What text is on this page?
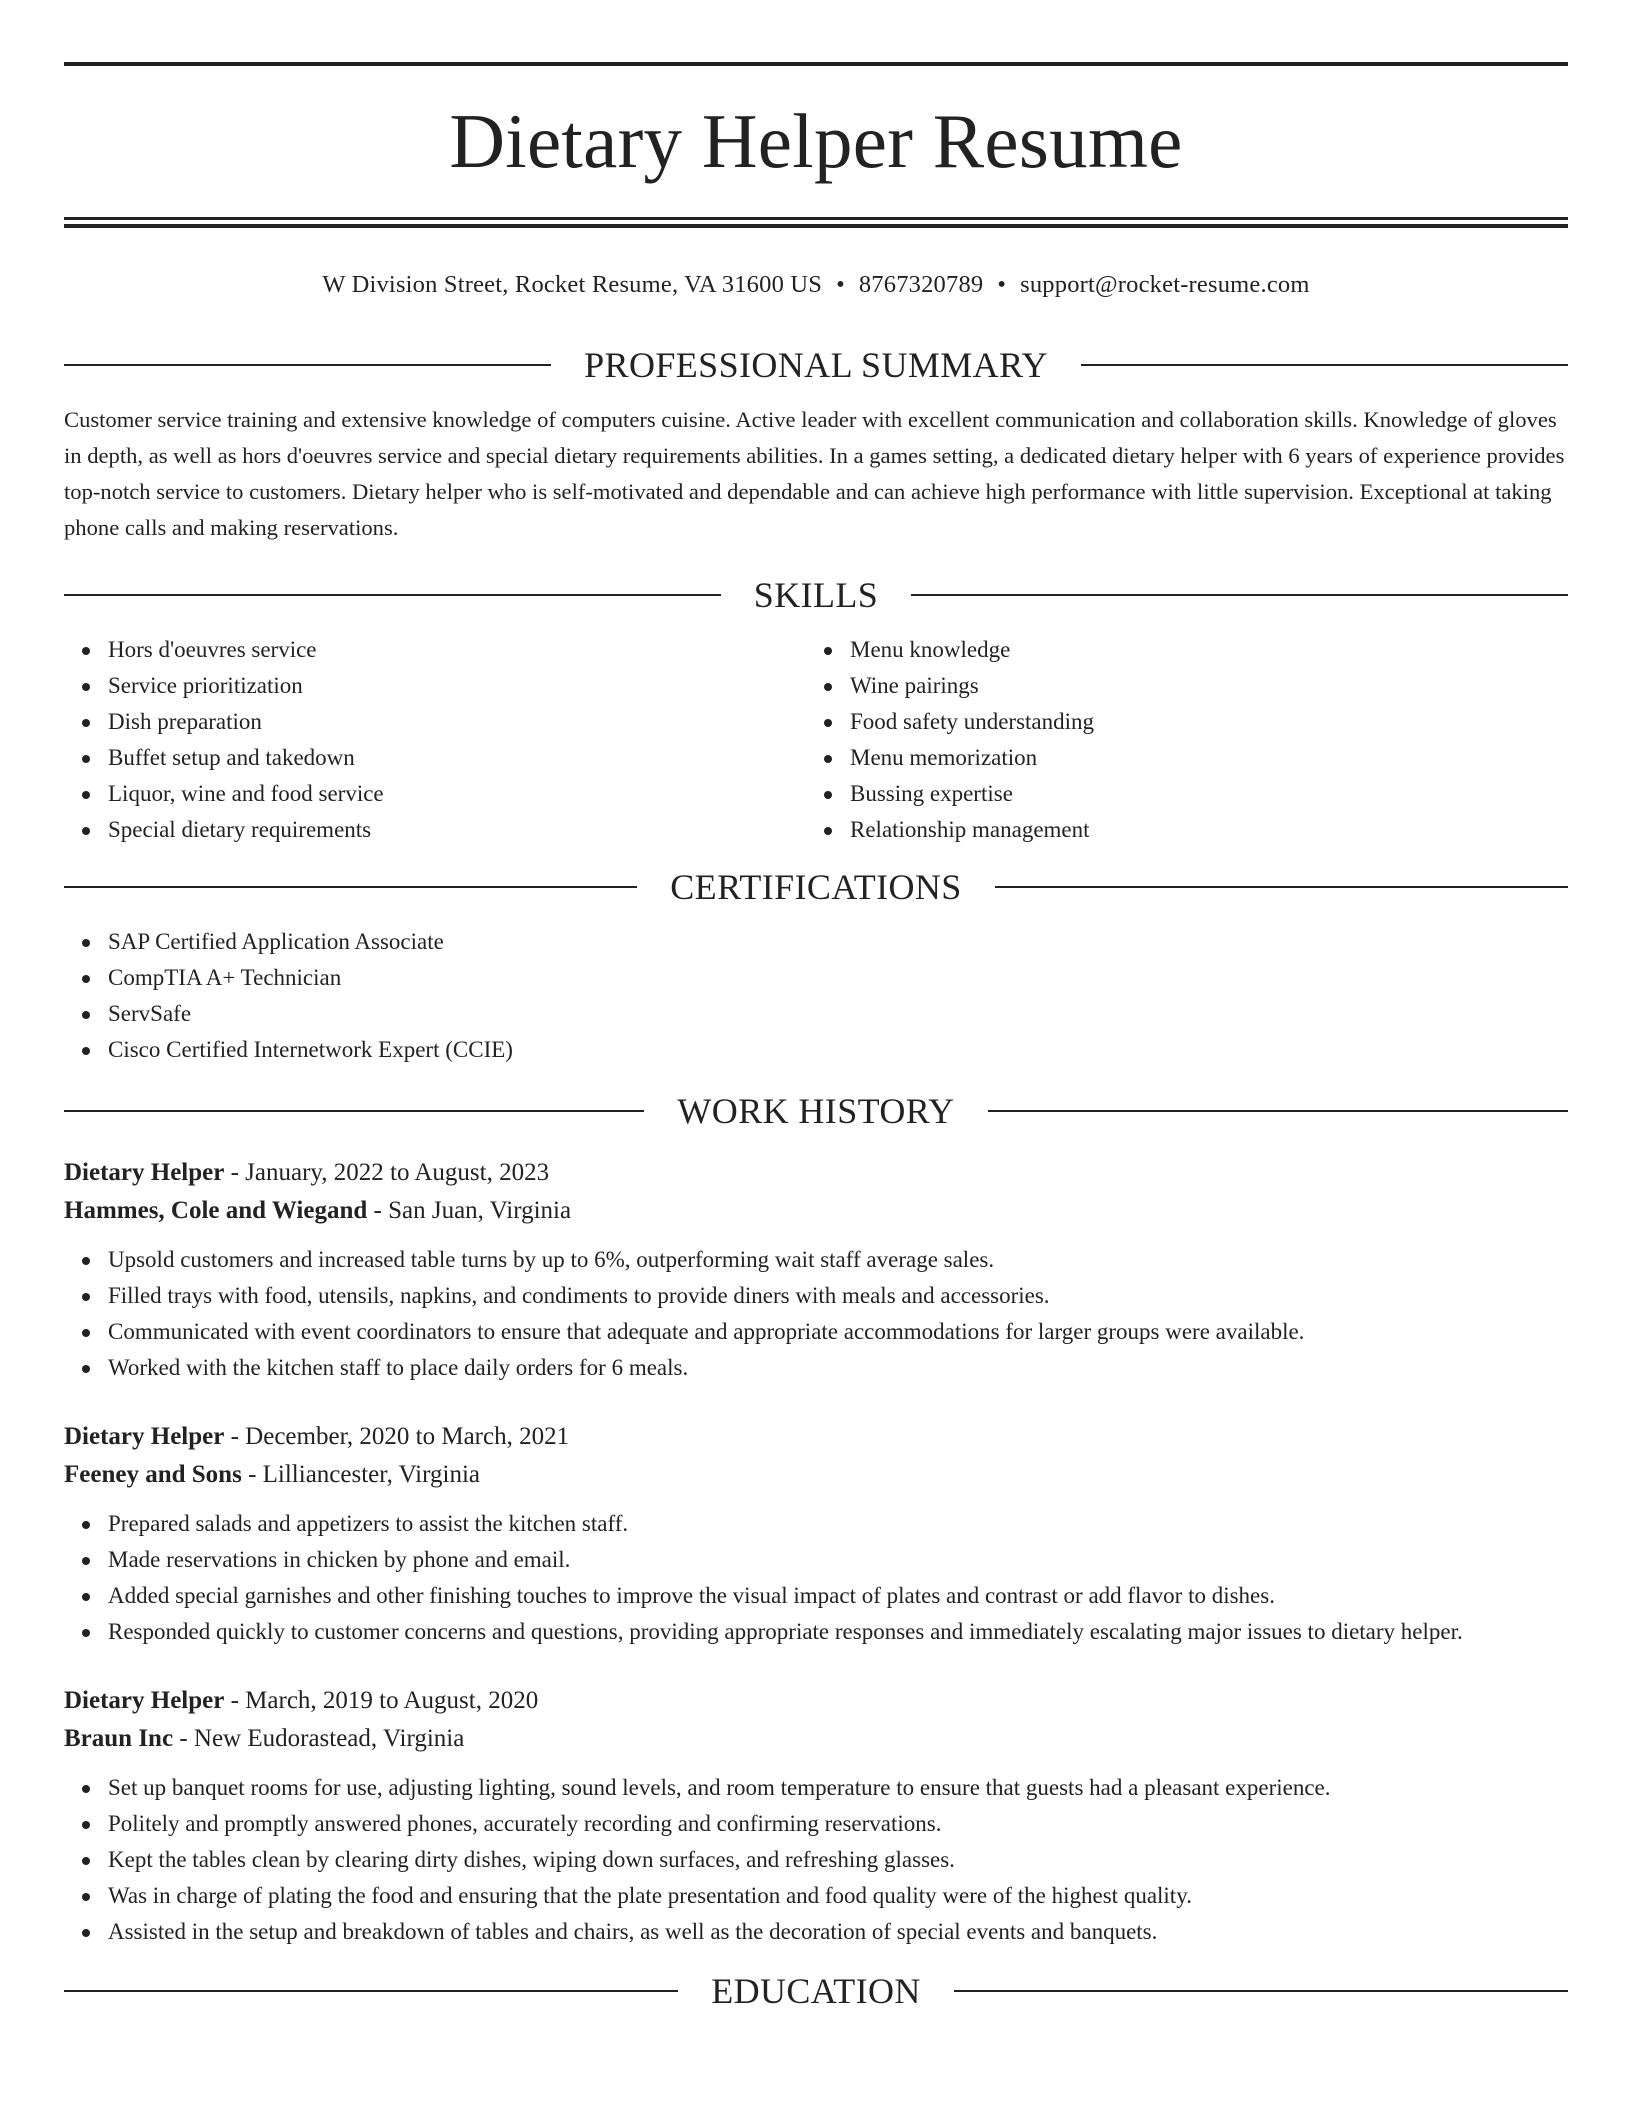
Dietary Helper Resume
W Division Street, Rocket Resume, VA 31600 US • 8767320789 • support@rocket-resume.com
PROFESSIONAL SUMMARY

Customer service training and extensive knowledge of computers cuisine. Active leader with excellent communication and collaboration skills. Knowledge of gloves in depth, as well as hors d'oeuvres service and special dietary requirements abilities. In a games setting, a dedicated dietary helper with 6 years of experience provides top-notch service to customers. Dietary helper who is self-motivated and dependable and can achieve high performance with little supervision. Exceptional at taking phone calls and making reservations.

SKILLS
Hors d'oeuvres service
Service prioritization
Dish preparation
Buffet setup and takedown
Liquor, wine and food service
Special dietary requirements
Menu knowledge
Wine pairings
Food safety understanding
Menu memorization
Bussing expertise
Relationship management
CERTIFICATIONS
SAP Certified Application Associate
CompTIA A+ Technician
ServSafe
Cisco Certified Internetwork Expert (CCIE)
WORK HISTORY
Dietary Helper - January, 2022 to August, 2023
Hammes, Cole and Wiegand - San Juan, Virginia
Upsold customers and increased table turns by up to 6%, outperforming wait staff average sales.
Filled trays with food, utensils, napkins, and condiments to provide diners with meals and accessories.
Communicated with event coordinators to ensure that adequate and appropriate accommodations for larger groups were available.
Worked with the kitchen staff to place daily orders for 6 meals.
Dietary Helper - December, 2020 to March, 2021
Feeney and Sons - Lilliancester, Virginia
Prepared salads and appetizers to assist the kitchen staff.
Made reservations in chicken by phone and email.
Added special garnishes and other finishing touches to improve the visual impact of plates and contrast or add flavor to dishes.
Responded quickly to customer concerns and questions, providing appropriate responses and immediately escalating major issues to dietary helper.
Dietary Helper - March, 2019 to August, 2020
Braun Inc - New Eudorastead, Virginia
Set up banquet rooms for use, adjusting lighting, sound levels, and room temperature to ensure that guests had a pleasant experience.
Politely and promptly answered phones, accurately recording and confirming reservations.
Kept the tables clean by clearing dirty dishes, wiping down surfaces, and refreshing glasses.
Was in charge of plating the food and ensuring that the plate presentation and food quality were of the highest quality.
Assisted in the setup and breakdown of tables and chairs, as well as the decoration of special events and banquets.
EDUCATION
